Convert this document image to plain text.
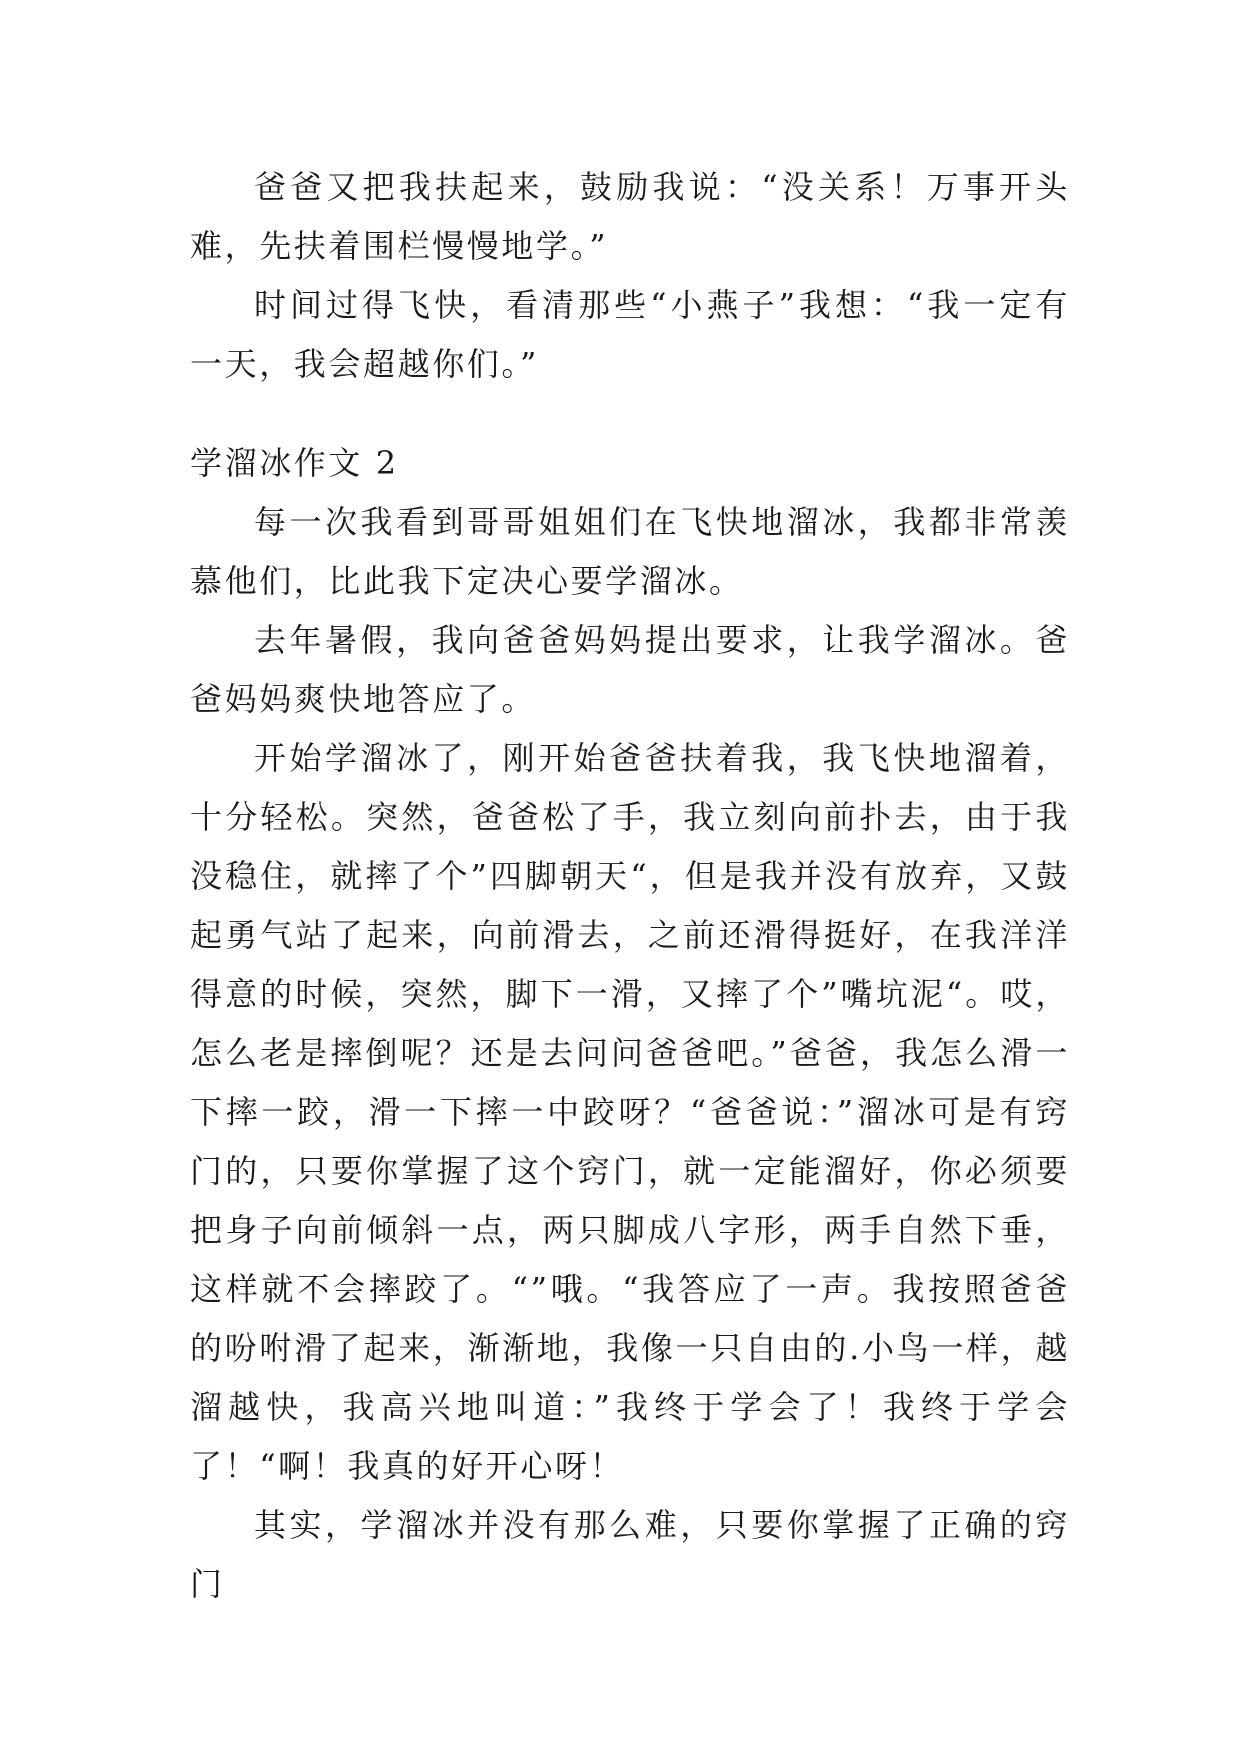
爸爸又把我扶起来，鼓励我说：“没关系！万事开头难，先扶着围栏慢慢地学。”

时间过得飞快，看清那些“小燕子”我想：“我一定有一天，我会超越你们。”

学溜冰作文 2

每一次我看到哥哥姐姐们在飞快地溜冰，我都非常羡慕他们，比此我下定决心要学溜冰。

去年暑假，我向爸爸妈妈提出要求，让我学溜冰。爸爸妈妈爽快地答应了。

开始学溜冰了，刚开始爸爸扶着我，我飞快地溜着，十分轻松。突然，爸爸松了手，我立刻向前扑去，由于我没稳住，就摔了个”四脚朝天“，但是我并没有放弃，又鼓起勇气站了起来，向前滑去，之前还滑得挺好，在我洋洋得意的时候，突然，脚下一滑，又摔了个”嘴坑泥“。哎，怎么老是摔倒呢？还是去问问爸爸吧。”爸爸，我怎么滑一下摔一跤，滑一下摔一中跤呀？“爸爸说：”溜冰可是有窍门的，只要你掌握了这个窍门，就一定能溜好，你必须要把身子向前倾斜一点，两只脚成八字形，两手自然下垂，这样就不会摔跤了。“”哦。“我答应了一声。我按照爸爸的吩咐滑了起来，渐渐地，我像一只自由的.小鸟一样，越溜越快，我高兴地叫道：”我终于学会了！我终于学会了！“啊！我真的好开心呀！

其实，学溜冰并没有那么难，只要你掌握了正确的窍门
